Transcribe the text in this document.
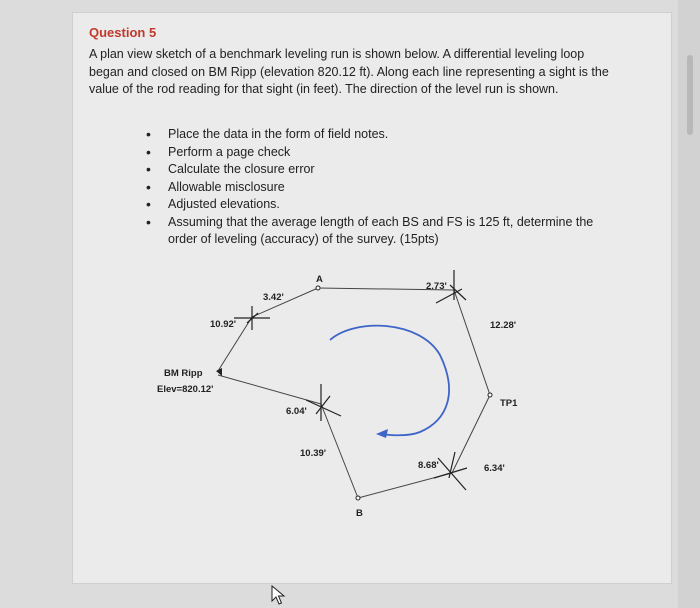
Question 5
A plan view sketch of a benchmark leveling run is shown below. A differential leveling loop began and closed on BM Ripp (elevation 820.12 ft). Along each line representing a sight is the value of the rod reading for that sight (in feet). The direction of the level run is shown.
• Place the data in the form of field notes.
• Perform a page check
• Calculate the closure error
• Allowable misclosure
• Adjusted elevations.
• Assuming that the average length of each BS and FS is 125 ft, determine the order of leveling (accuracy) of the survey. (15pts)
10.92'
3.42'
2.73'
12.28'
6.34'
8.68'
10.39'
6.04'
A
B
TP1
BM Ripp
Elev=820.12'
